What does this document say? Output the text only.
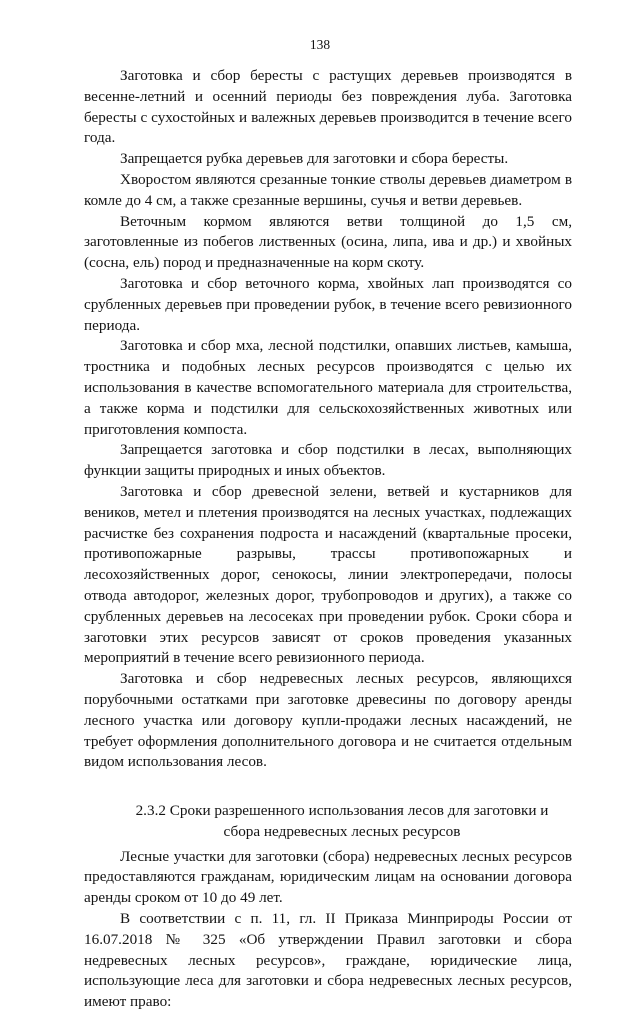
138

Заготовка и сбор бересты с растущих деревьев производятся в весенне-летний и осенний периоды без повреждения луба. Заготовка бересты с сухостойных и валежных деревьев производится в течение всего года.

Запрещается рубка деревьев для заготовки и сбора бересты.

Хворостом являются срезанные тонкие стволы деревьев диаметром в комле до 4 см, а также срезанные вершины, сучья и ветви деревьев.

Веточным кормом являются ветви толщиной до 1,5 см, заготовленные из побегов лиственных (осина, липа, ива и др.) и хвойных (сосна, ель) пород и предназначенные на корм скоту.

Заготовка и сбор веточного корма, хвойных лап производятся со срубленных деревьев при проведении рубок, в течение всего ревизионного периода.

Заготовка и сбор мха, лесной подстилки, опавших листьев, камыша, тростника и подобных лесных ресурсов производятся с целью их использования в качестве вспомогательного материала для строительства, а также корма и подстилки для сельскохозяйственных животных или приготовления компоста.

Запрещается заготовка и сбор подстилки в лесах, выполняющих функции защиты природных и иных объектов.

Заготовка и сбор древесной зелени, ветвей и кустарников для веников, метел и плетения производятся на лесных участках, подлежащих расчистке без сохранения подроста и насаждений (квартальные просеки, противопожарные разрывы, трассы противопожарных и лесохозяйственных дорог, сенокосы, линии электропередачи, полосы отвода автодорог, железных дорог, трубопроводов и других), а также со срубленных деревьев на лесосеках при проведении рубок. Сроки сбора и заготовки этих ресурсов зависят от сроков проведения указанных мероприятий в течение всего ревизионного периода.

Заготовка и сбор недревесных лесных ресурсов, являющихся порубочными остатками при заготовке древесины по договору аренды лесного участка или договору купли-продажи лесных насаждений, не требует оформления дополнительного договора и не считается отдельным видом использования лесов.

2.3.2 Сроки разрешенного использования лесов для заготовки и сбора недревесных лесных ресурсов

Лесные участки для заготовки (сбора) недревесных лесных ресурсов предоставляются гражданам, юридическим лицам на основании договора аренды сроком от 10 до 49 лет.

В соответствии с п. 11, гл. II Приказа Минприроды России от 16.07.2018 № 325 «Об утверждении Правил заготовки и сбора недревесных лесных ресурсов», граждане, юридические лица, использующие леса для заготовки и сбора недревесных лесных ресурсов, имеют право:
